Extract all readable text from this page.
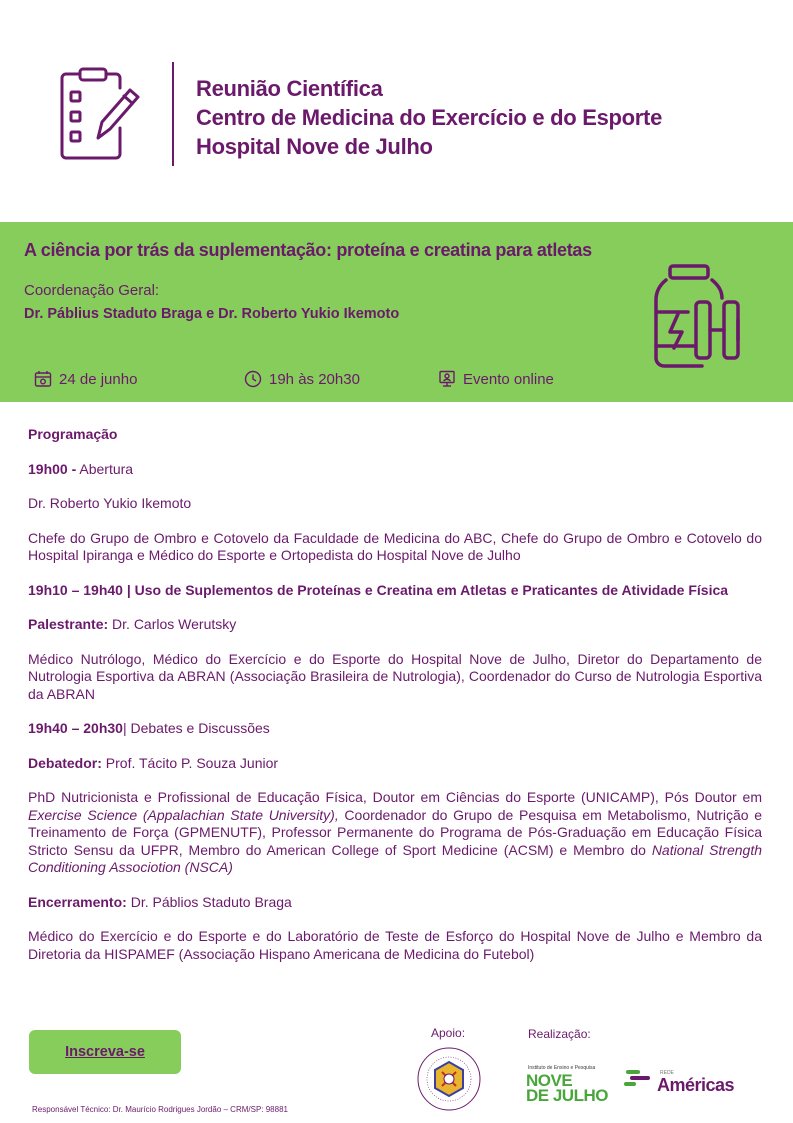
Reunião Científica
Centro de Medicina do Exercício e do Esporte
Hospital Nove de Julho
A ciência por trás da suplementação: proteína e creatina para atletas
Coordenação Geral:
Dr. Páblius Staduto Braga e Dr. Roberto Yukio Ikemoto
24 de junho	19h às 20h30	Evento online

Programação

19h00 - Abertura

Dr. Roberto Yukio Ikemoto

Chefe do Grupo de Ombro e Cotovelo da Faculdade de Medicina do ABC, Chefe do Grupo de Ombro e Cotovelo do Hospital Ipiranga e Médico do Esporte e Ortopedista do Hospital Nove de Julho

19h10 – 19h40 | Uso de Suplementos de Proteínas e Creatina em Atletas e Praticantes de Atividade Física

Palestrante: Dr. Carlos Werutsky

Médico Nutrólogo, Médico do Exercício e do Esporte do Hospital Nove de Julho, Diretor do Departamento de Nutrologia Esportiva da ABRAN (Associação Brasileira de Nutrologia), Coordenador do Curso de Nutrologia Esportiva da ABRAN

19h40 – 20h30| Debates e Discussões

Debatedor: Prof. Tácito P. Souza Junior

PhD Nutricionista e Profissional de Educação Física, Doutor em Ciências do Esporte (UNICAMP), Pós Doutor em Exercise Science (Appalachian State University), Coordenador do Grupo de Pesquisa em Metabolismo, Nutrição e Treinamento de Força (GPMENUTF), Professor Permanente do Programa de Pós-Graduação em Educação Física Stricto Sensu da UFPR, Membro do American College of Sport Medicine (ACSM) e Membro do National Strength Conditioning Associotion (NSCA)

Encerramento: Dr. Páblios Staduto Braga

Médico do Exercício e do Esporte e do Laboratório de Teste de Esforço do Hospital Nove de Julho e Membro da Diretoria da HISPAMEF (Associação Hispano Americana de Medicina do Futebol)

Inscreva-se
Responsável Técnico: Dr. Maurício Rodrigues Jordão – CRM/SP: 98881
Apoio:	Realização:
Instituto de Ensino e Pesquisa
NOVE
DE JULHO
REDE
Américas
